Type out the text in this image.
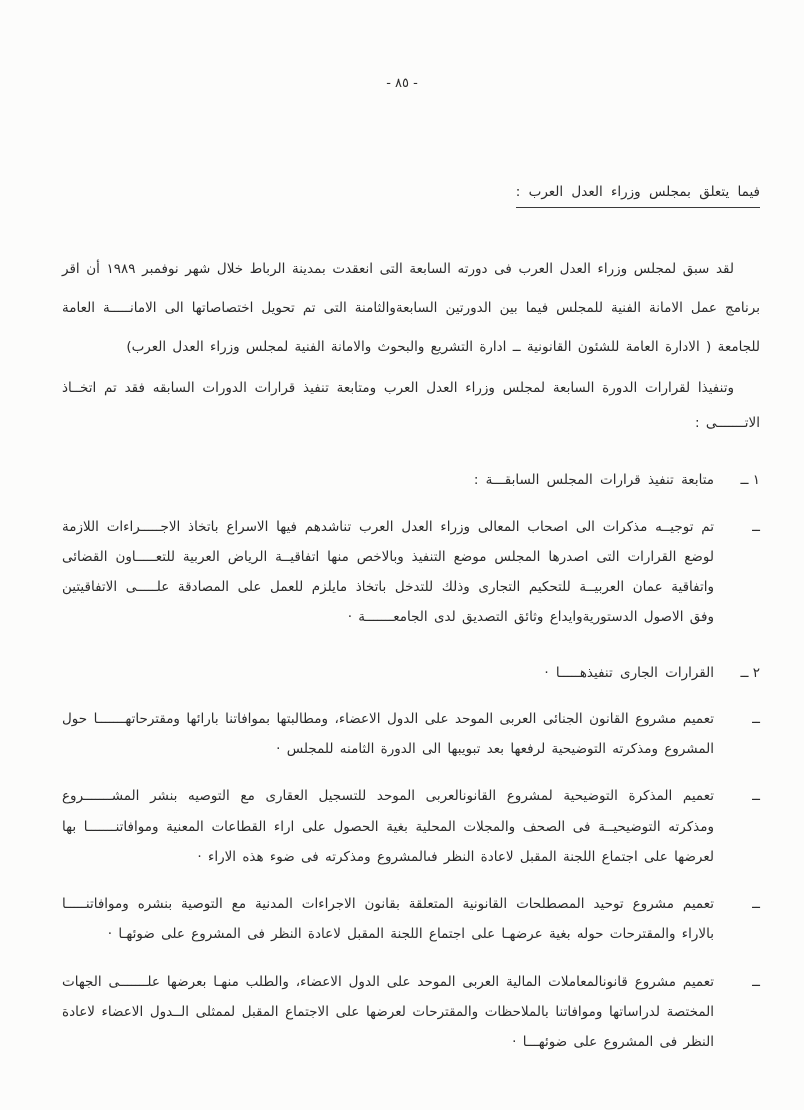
- ٨٥ -
فيما يتعلق بمجلس وزراء العدل العرب :

لقد سبق لمجلس وزراء العدل العرب فى دورته السابعة التى انعقدت بمدينة الرباط خلال شهر نوفمبر ١٩٨٩ أن اقر برنامج عمل الامانة الفنية للمجلس فيما بين الدورتين السابعةوالثامنة التى تم تحويل اختصاصاتها الى الامانـــــة العامة للجامعة ( الادارة العامة للشئون القانونية ــ ادارة التشريع والبحوث والامانة الفنية لمجلس وزراء العدل العرب)

وتنفيذا لقرارات الدورة السابعة لمجلس وزراء العدل العرب ومتابعة تنفيذ قرارات الدورات السابقه فقد تم اتخــاذ الاتـــــــى :

١ ــ
متابعة تنفيذ قرارات المجلس السابقـــة :
ــ

تم توجيــه مذكرات الى اصحاب المعالى وزراء العدل العرب تناشدهم فيها الاسراع باتخاذ الاجـــــراءات اللازمة لوضع القرارات التى اصدرها المجلس موضع التنفيذ وبالاخص منها اتفاقيــة الرياض العربية للتعـــــاون القضائى واتفاقية عمان العربيــة للتحكيم التجارى وذلك للتدخل باتخاذ مايلزم للعمل على المصادقة علـــــى الاتفاقيتين وفق الاصول الدستوريةوايداع وثائق التصديق لدى الجامعـــــــة ·

٢ ــ
القرارات الجارى تنفيذهـــــا ·
ــ

تعميم مشروع القانون الجنائى العربى الموحد على الدول الاعضاء، ومطالبتها بموافاتنا بارائها ومقترحاتهـــــــا حول المشروع ومذكرته التوضيحية لرفعها بعد تبويبها الى الدورة الثامنه للمجلس ·

ــ

تعميم المذكرة التوضيحية لمشروع القانونالعربى الموحد للتسجيل العقارى مع التوصيه بنشر المشـــــــروع ومذكرته التوضيحيــة فى الصحف والمجلات المحلية بغية الحصول على اراء القطاعات المعنية وموافاتنـــــــا بها لعرضها على اجتماع اللجنة المقبل لاعادة النظر فىالمشروع ومذكرته فى ضوء هذه الاراء ·

ــ

تعميم مشروع توحيد المصطلحات القانونية المتعلقة بقانون الاجراءات المدنية مع التوصية بنشره وموافاتنـــــا بالاراء والمقترحات حوله بغية عرضهـا على اجتماع اللجنة المقبل لاعادة النظر فى المشروع على ضوئهـا ·

ــ

تعميم مشروع قانونالمعاملات المالية العربى الموحد على الدول الاعضاء، والطلب منهـا بعرضها علـــــــى الجهات المختصة لدراساتها وموافاتنا بالملاحظات والمقترحات لعرضها على الاجتماع المقبل لممثلى الــدول الاعضاء لاعادة النظر فى المشروع على ضوئهـــا ·
